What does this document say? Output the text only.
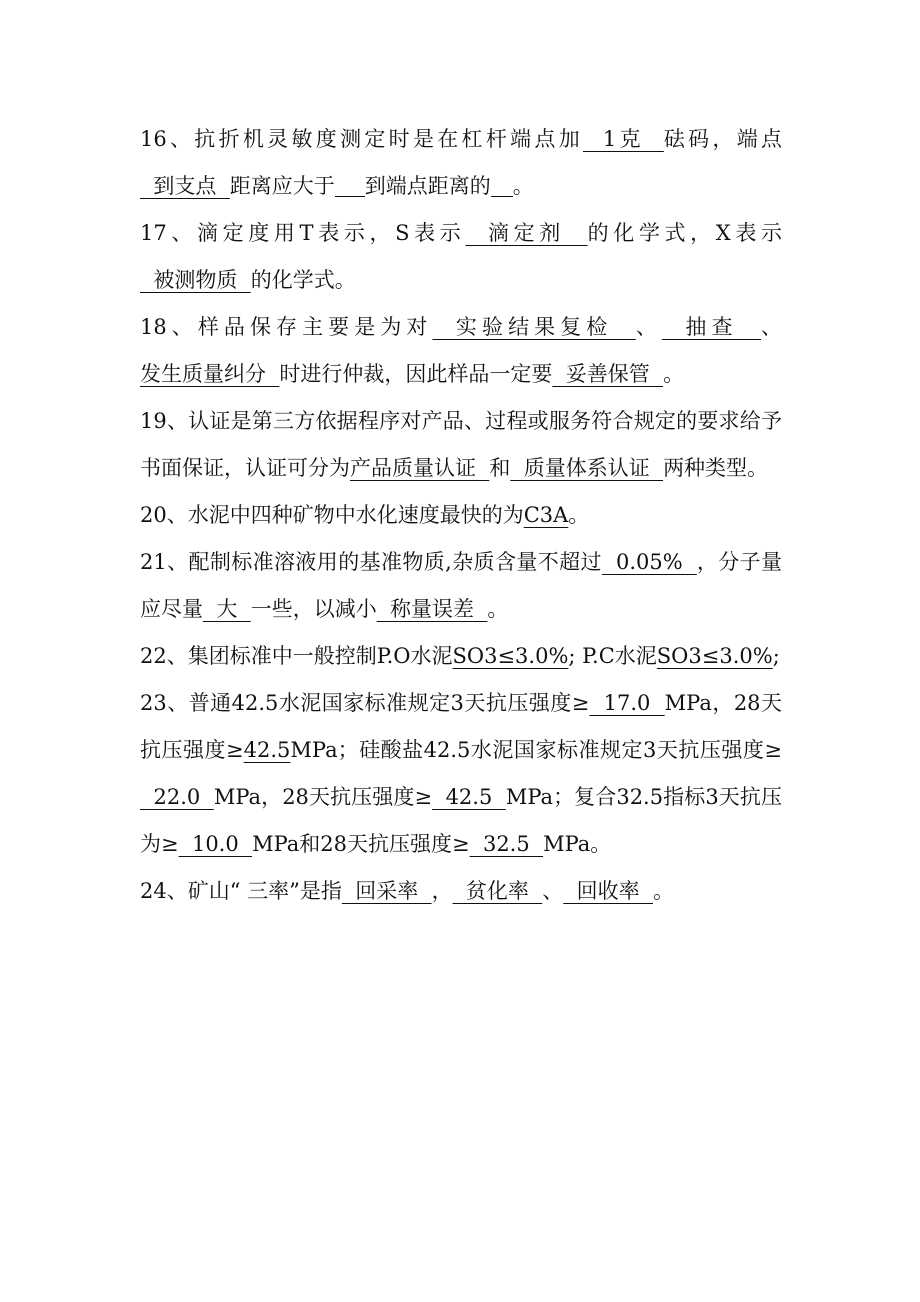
16、抗折机灵敏度测定时是在杠杆端点加  1克  砝码，端点  到支点  距离应大于 到端点距离的 。

17、滴定度用T表示，S表示  滴定剂  的化学式，X表示  被测物质  的化学式。

18、样品保存主要是为对  实验结果复检  、  抽查  、发生质量纠分  时进行仲裁，因此样品一定要  妥善保管  。

19、认证是第三方依据程序对产品、过程或服务符合规定的要求给予书面保证，认证可分为产品质量认证  和  质量体系认证  两种类型。

20、水泥中四种矿物中水化速度最快的为C3A。

21、配制标准溶液用的基准物质,杂质含量不超过  0.05%  ，分子量应尽量  大  一些，以减小  称量误差  。

22、集团标准中一般控制P.O水泥SO3≤3.0%; P.C水泥SO3≤3.0%;

23、普通42.5水泥国家标准规定3天抗压强度≥  17.0  MPa，28天抗压强度≥42.5MPa；硅酸盐42.5水泥国家标准规定3天抗压强度≥  22.0  MPa，28天抗压强度≥  42.5  MPa；复合32.5指标3天抗压为≥  10.0  MPa和28天抗压强度≥  32.5  MPa。

24、矿山“ 三率”是指  回采率  ，  贫化率  、  回收率  。
